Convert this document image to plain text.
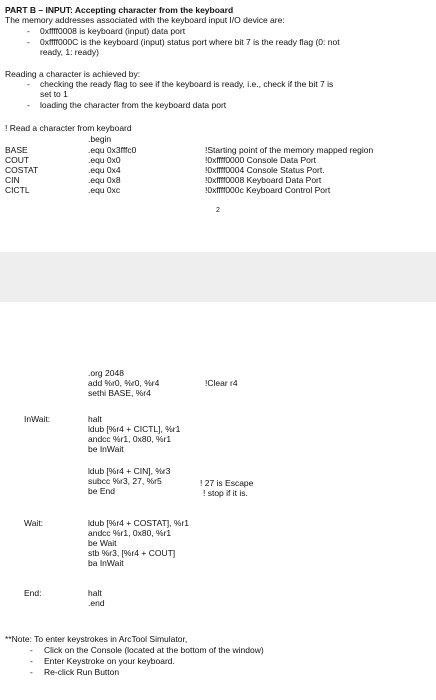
PART B – INPUT: Accepting character from the keyboard
The memory addresses associated with the keyboard input I/O device are:
- 0xffff0008 is keyboard (input) data port
- 0xffff000C is the keyboard (input) status port where bit 7 is the ready flag (0: not
ready, 1: ready)
Reading a character is achieved by:
- checking the ready flag to see if the keyboard is ready, i.e., check if the bit 7 is
set to 1
- loading the character from the keyboard data port
! Read a character from keyboard
.begin
BASE	.equ 0x3fffc0	!Starting point of the memory mapped region
COUT	.equ 0x0	!0xffff0000 Console Data Port
COSTAT	.equ 0x4	!0xffff0004 Console Status Port.
CIN	.equ 0x8	!0xffff0008 Keyboard Data Port
CICTL	.equ 0xc	!0xffff000c Keyboard Control Port
2
.org 2048
add %r0, %r0, %r4	!Clear r4
sethi BASE, %r4
InWait:	halt
ldub [%r4 + CICTL], %r1
andcc %r1, 0x80, %r1
be InWait
ldub [%r4 + CIN], %r3
subcc %r3, 27, %r5	! 27 is Escape
be End	! stop if it is.
Wait:	ldub [%r4 + COSTAT], %r1
andcc %r1, 0x80, %r1
be Wait
stb %r3, [%r4 + COUT]
ba InWait
End:	halt
.end
**Note: To enter keystrokes in ArcTool Simulator,
- Click on the Console (located at the bottom of the window)
- Enter Keystroke on your keyboard.
- Re-click Run Button
